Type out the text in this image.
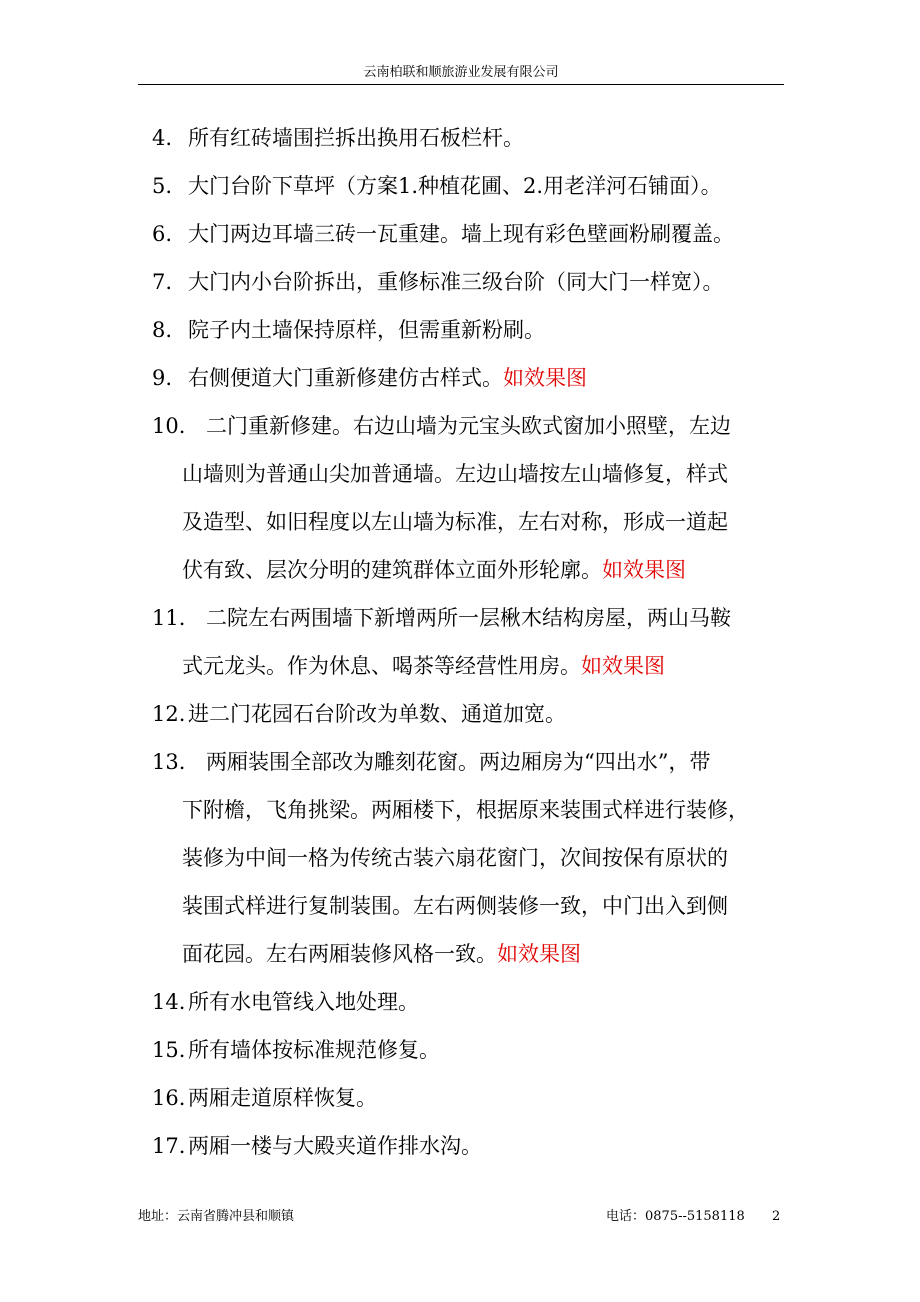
云南柏联和顺旅游业发展有限公司
4. 所有红砖墙围拦拆出换用石板栏杆。
5. 大门台阶下草坪（方案1.种植花圃、2.用老洋河石铺面）。
6. 大门两边耳墙三砖一瓦重建。墙上现有彩色壁画粉刷覆盖。
7. 大门内小台阶拆出，重修标准三级台阶（同大门一样宽）。
8. 院子内土墙保持原样，但需重新粉刷。
9. 右侧便道大门重新修建仿古样式。如效果图
10. 二门重新修建。右边山墙为元宝头欧式窗加小照壁，左边
山墙则为普通山尖加普通墙。左边山墙按左山墙修复，样式
及造型、如旧程度以左山墙为标准，左右对称，形成一道起
伏有致、层次分明的建筑群体立面外形轮廓。如效果图
11. 二院左右两围墙下新增两所一层楸木结构房屋，两山马鞍
式元龙头。作为休息、喝茶等经营性用房。如效果图
12. 进二门花园石台阶改为单数、通道加宽。
13. 两厢装围全部改为雕刻花窗。两边厢房为“四出水”，带
下附檐，飞角挑梁。两厢楼下，根据原来装围式样进行装修，
装修为中间一格为传统古装六扇花窗门，次间按保有原状的
装围式样进行复制装围。左右两侧装修一致，中门出入到侧
面花园。左右两厢装修风格一致。如效果图
14. 所有水电管线入地处理。
15. 所有墙体按标准规范修复。
16. 两厢走道原样恢复。
17. 两厢一楼与大殿夹道作排水沟。
地址：云南省腾冲县和顺镇	电话：0875--5158118 2
